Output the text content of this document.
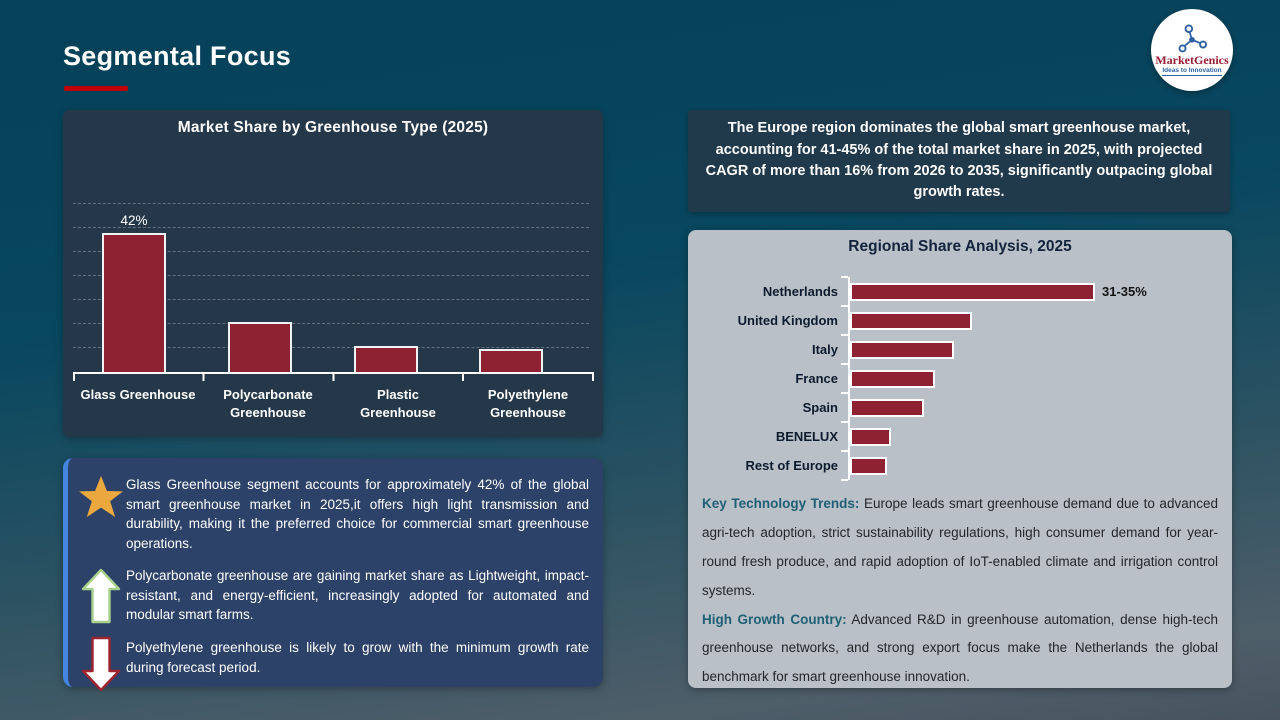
Segmental Focus	MarketGenics
Ideas to Innovation
Market Share by Greenhouse Type (2025)
42%
Glass Greenhouse	Polycarbonate Greenhouse
Plastic Greenhouse
Polyethylene Greenhouse
The Europe region dominates the global smart greenhouse market, accounting for 41-45% of the total market share in 2025, with projected CAGR of more than 16% from 2026 to 2035, significantly outpacing global growth rates.
Regional Share Analysis, 2025
Netherlands	31-35%
United Kingdom
Italy
France
Spain
BENELUX
Rest of Europe

Key Technology Trends: Europe leads smart greenhouse demand due to advanced agri-tech adoption, strict sustainability regulations, high consumer demand for year-round fresh produce, and rapid adoption of IoT-enabled climate and irrigation control systems.

High Growth Country: Advanced R&D in greenhouse automation, dense high-tech greenhouse networks, and strong export focus make the Netherlands the global benchmark for smart greenhouse innovation.

Glass Greenhouse segment accounts for approximately 42% of the global smart greenhouse market in 2025,it offers high light transmission and durability, making it the preferred choice for commercial smart greenhouse operations.
Polycarbonate greenhouse are gaining market share as Lightweight, impact-resistant, and energy-efficient, increasingly adopted for automated and modular smart farms.
Polyethylene greenhouse is likely to grow with the minimum growth rate during forecast period.
